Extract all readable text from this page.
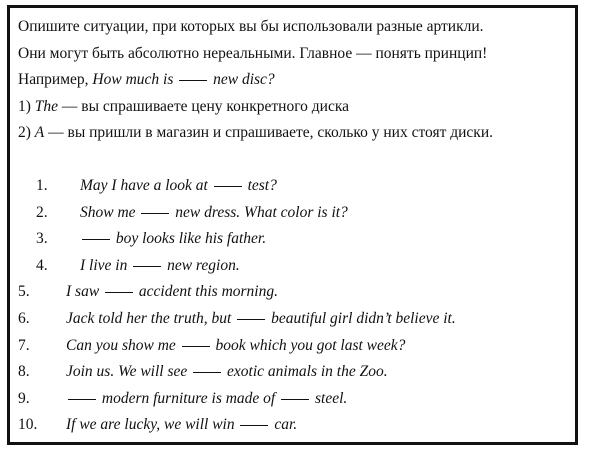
Опишите ситуации, при которых вы бы использовали разные артикли.
Они могут быть абсолютно нереальными. Главное — понять принцип!
Например, How much is	new disc?
1) The — вы спрашиваете цену конкретного диска
2) A — вы пришли в магазин и спрашиваете, сколько у них стоят диски.
1.	May I have a look at	test?
2.	Show me	new dress. What color is it?
3.	boy looks like his father.
4.	I live in	new region.
5.	I saw	accident this morning.
6.	Jack told her the truth, but	beautiful girl didn’t believe it.
7.	Can you show me	book which you got last week?
8.	Join us. We will see	exotic animals in the Zoo.
9.	modern furniture is made of	steel.
10.	If we are lucky, we will win	car.
